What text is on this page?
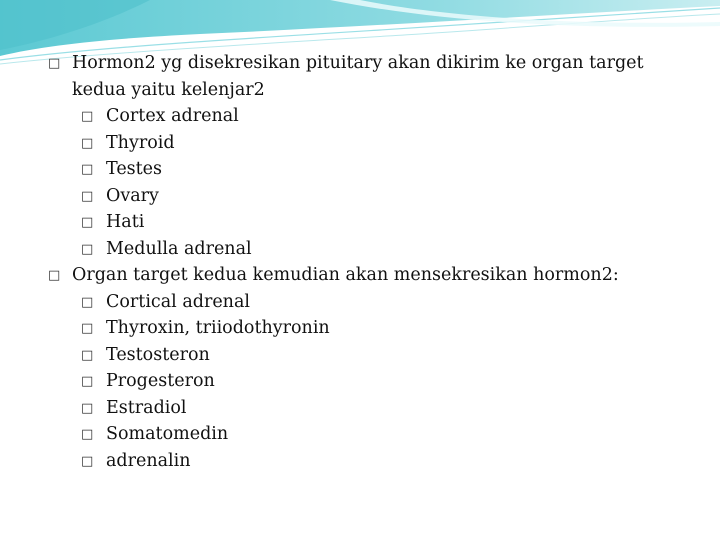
□ Hormon2 yg disekresikan pituitary akan dikirim ke organ target kedua yaitu kelenjar2
□ Cortex adrenal
□ Thyroid
□ Testes
□ Ovary
□ Hati
□ Medulla adrenal
□ Organ target kedua kemudian akan mensekresikan hormon2:
□ Cortical adrenal
□ Thyroxin, triiodothyronin
□ Testosteron
□ Progesteron
□ Estradiol
□ Somatomedin
□ adrenalin
